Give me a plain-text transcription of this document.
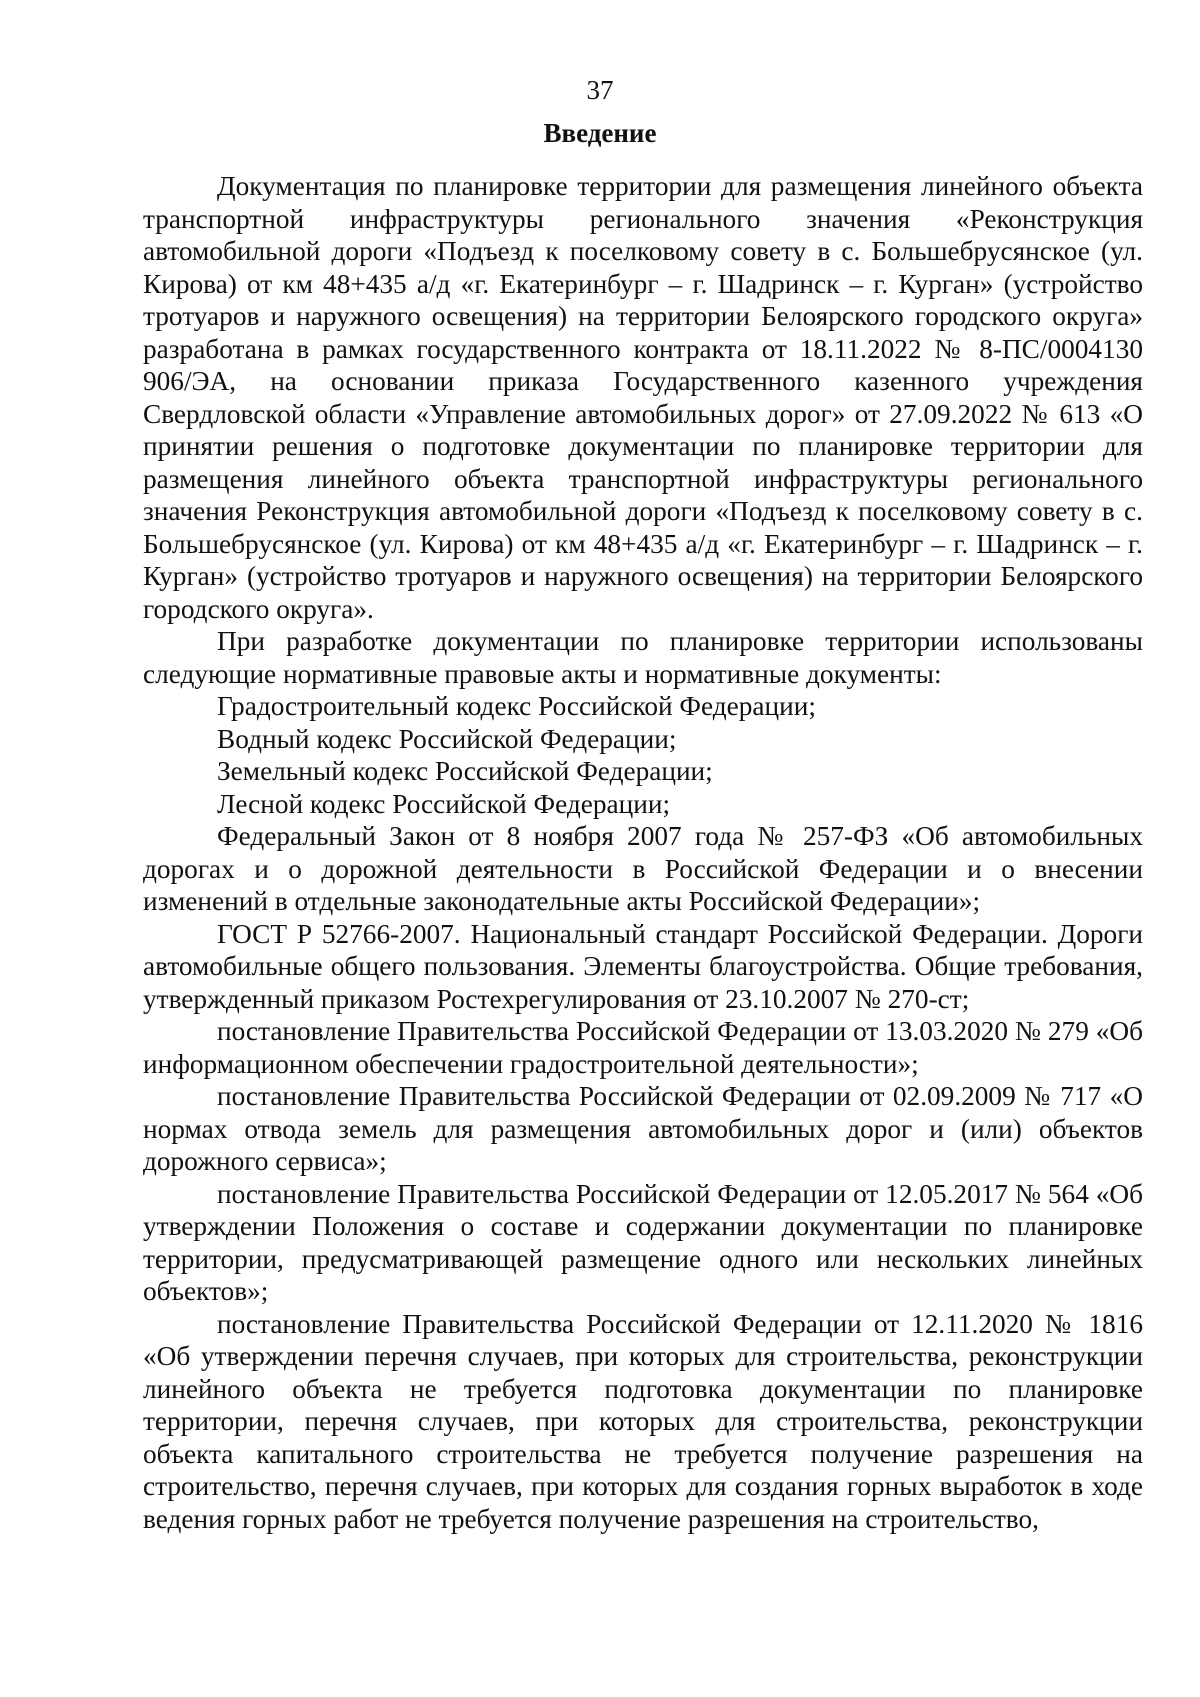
37
Введение

Документация по планировке территории для размещения линейного объекта транспортной инфраструктуры регионального значения «Реконструкция автомобильной дороги «Подъезд к поселковому совету в с. Большебрусянское (ул. Кирова) от км 48+435 а/д «г. Екатеринбург – г. Шадринск – г. Курган» (устройство тротуаров и наружного освещения) на территории Белоярского городского округа» разработана в рамках государственного контракта от 18.11.2022 № 8-ПС/0004130 906/ЭА, на основании приказа Государственного казенного учреждения Свердловской области «Управление автомобильных дорог» от 27.09.2022 № 613 «О принятии решения о подготовке документации по планировке территории для размещения линейного объекта транспортной инфраструктуры регионального значения Реконструкция автомобильной дороги «Подъезд к поселковому совету в с. Большебрусянское (ул. Кирова) от км 48+435 а/д «г. Екатеринбург – г. Шадринск – г. Курган» (устройство тротуаров и наружного освещения) на территории Белоярского городского округа».

При разработке документации по планировке территории использованы следующие нормативные правовые акты и нормативные документы:

Градостроительный кодекс Российской Федерации;

Водный кодекс Российской Федерации;

Земельный кодекс Российской Федерации;

Лесной кодекс Российской Федерации;

Федеральный Закон от 8 ноября 2007 года № 257-ФЗ «Об автомобильных дорогах и о дорожной деятельности в Российской Федерации и о внесении изменений в отдельные законодательные акты Российской Федерации»;

ГОСТ Р 52766-2007. Национальный стандарт Российской Федерации. Дороги автомобильные общего пользования. Элементы благоустройства. Общие требования, утвержденный приказом Ростехрегулирования от 23.10.2007 № 270-ст;

постановление Правительства Российской Федерации от 13.03.2020 № 279 «Об информационном обеспечении градостроительной деятельности»;

постановление Правительства Российской Федерации от 02.09.2009 № 717 «О нормах отвода земель для размещения автомобильных дорог и (или) объектов дорожного сервиса»;

постановление Правительства Российской Федерации от 12.05.2017 № 564 «Об утверждении Положения о составе и содержании документации по планировке территории, предусматривающей размещение одного или нескольких линейных объектов»;

постановление Правительства Российской Федерации от 12.11.2020 № 1816 «Об утверждении перечня случаев, при которых для строительства, реконструкции линейного объекта не требуется подготовка документации по планировке территории, перечня случаев, при которых для строительства, реконструкции объекта капитального строительства не требуется получение разрешения на строительство, перечня случаев, при которых для создания горных выработок в ходе ведения горных работ не требуется получение разрешения на строительство,
